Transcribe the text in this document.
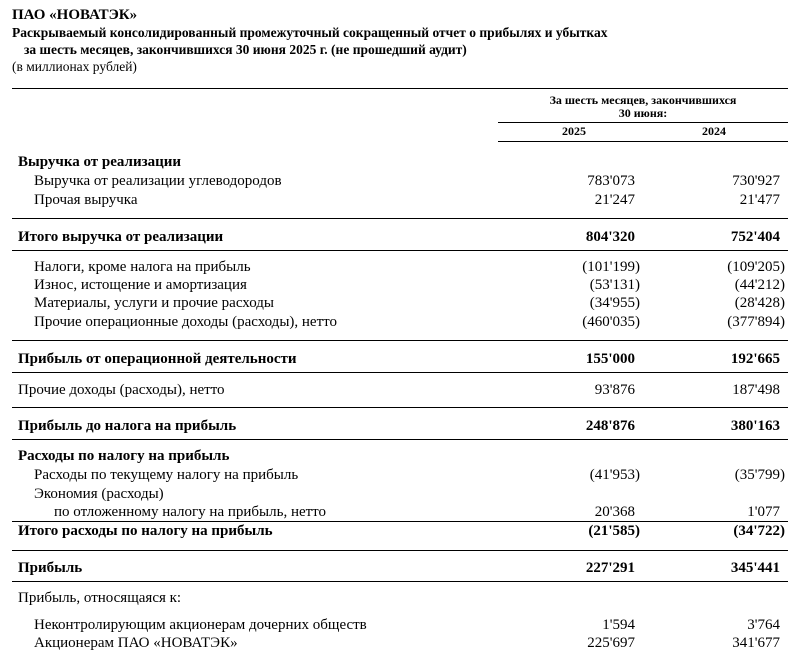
ПАО «НОВАТЭК»

Раскрываемый консолидированный промежуточный сокращенный отчет о прибылях и убытках

за шесть месяцев, закончившихся 30 июня 2025 г. (не прошедший аудит)

(в миллионах рублей)

За шесть месяцев, закончившихся
30 июня:
2025	2024
Выручка от реализации
Выручка от реализации углеводородов	783'073	730'927
Прочая выручка	21'247	21'477
Итого выручка от реализации	804'320	752'404
Налоги, кроме налога на прибыль	(101'199)	(109'205)
Износ, истощение и амортизация	(53'131)	(44'212)
Материалы, услуги и прочие расходы	(34'955)	(28'428)
Прочие операционные доходы (расходы), нетто	(460'035)	(377'894)
Прибыль от операционной деятельности	155'000	192'665
Прочие доходы (расходы), нетто	93'876	187'498
Прибыль до налога на прибыль	248'876	380'163
Расходы по налогу на прибыль
Расходы по текущему налогу на прибыль	(41'953)	(35'799)
Экономия (расходы)
по отложенному налогу на прибыль, нетто	20'368	1'077
Итого расходы по налогу на прибыль	(21'585)	(34'722)
Прибыль	227'291	345'441
Прибыль, относящаяся к:
Неконтролирующим акционерам дочерних обществ	1'594	3'764
Акционерам ПАО «НОВАТЭК»	225'697	341'677
